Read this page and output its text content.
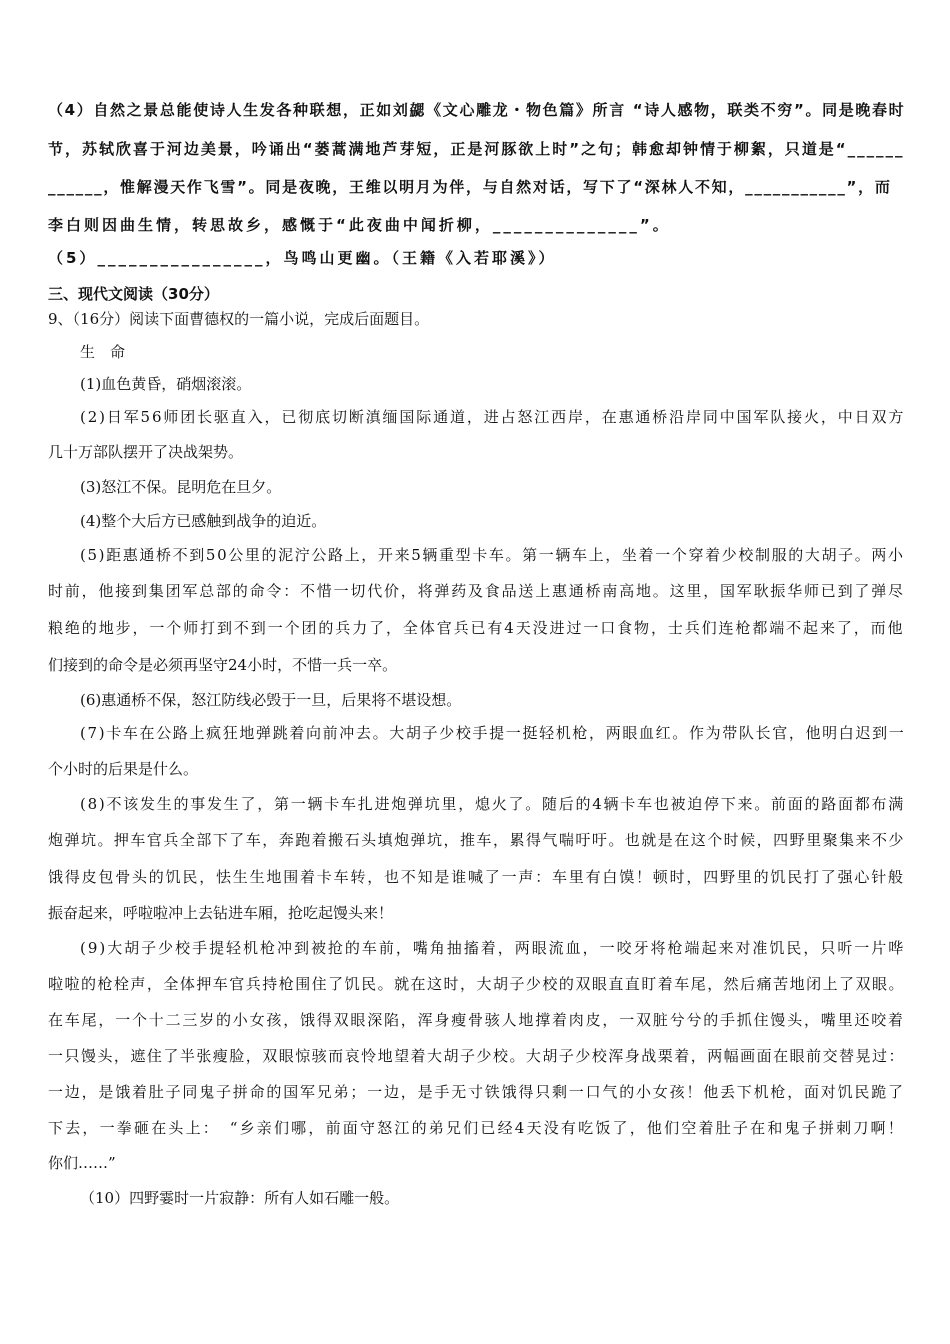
（4）自然之景总能使诗人生发各种联想，正如刘勰《文心雕龙・物色篇》所言 “诗人感物，联类不穷”。同是晚春时
节，苏轼欣喜于河边美景，吟诵出“蒌蒿满地芦芽短，正是河豚欲上时”之句；韩愈却钟情于柳絮，只道是“______
______，惟解漫天作飞雪”。同是夜晚，王维以明月为伴，与自然对话，写下了“深林人不知，___________”，而
李白则因曲生情，转思故乡，感慨于“此夜曲中闻折柳，______________”。
（5）________________，鸟鸣山更幽。（王籍《入若耶溪》）
三、现代文阅读（30分）
9、（16分）阅读下面曹德权的一篇小说，完成后面题目。
生　命
(1)血色黄昏，硝烟滚滚。
(2)日军56师团长驱直入，已彻底切断滇缅国际通道，进占怒江西岸，在惠通桥沿岸同中国军队接火，中日双方
几十万部队摆开了决战架势。
(3)怒江不保。昆明危在旦夕。
(4)整个大后方已感触到战争的迫近。
(5)距惠通桥不到50公里的泥泞公路上，开来5辆重型卡车。第一辆车上，坐着一个穿着少校制服的大胡子。两小
时前，他接到集团军总部的命令：不惜一切代价，将弹药及食品送上惠通桥南高地。这里，国军耿振华师已到了弹尽
粮绝的地步，一个师打到不到一个团的兵力了，全体官兵已有4天没进过一口食物，士兵们连枪都端不起来了，而他
们接到的命令是必须再坚守24小时，不惜一兵一卒。
(6)惠通桥不保，怒江防线必毁于一旦，后果将不堪设想。
(7)卡车在公路上疯狂地弹跳着向前冲去。大胡子少校手提一挺轻机枪，两眼血红。作为带队长官，他明白迟到一
个小时的后果是什么。
(8)不该发生的事发生了，第一辆卡车扎进炮弹坑里，熄火了。随后的4辆卡车也被迫停下来。前面的路面都布满
炮弹坑。押车官兵全部下了车，奔跑着搬石头填炮弹坑，推车，累得气喘吁吁。也就是在这个时候，四野里聚集来不少
饿得皮包骨头的饥民，怯生生地围着卡车转，也不知是谁喊了一声：车里有白馍！顿时，四野里的饥民打了强心针般
振奋起来，呼啦啦冲上去钻进车厢，抢吃起馒头来！
(9)大胡子少校手提轻机枪冲到被抢的车前，嘴角抽搐着，两眼流血，一咬牙将枪端起来对准饥民，只听一片哗
啦啦的枪栓声，全体押车官兵持枪围住了饥民。就在这时，大胡子少校的双眼直直盯着车尾，然后痛苦地闭上了双眼。
在车尾，一个十二三岁的小女孩，饿得双眼深陷，浑身瘦骨骇人地撑着肉皮，一双脏兮兮的手抓住馒头，嘴里还咬着
一只馒头，遮住了半张瘦脸，双眼惊骇而哀怜地望着大胡子少校。大胡子少校浑身战栗着，两幅画面在眼前交替晃过：
一边，是饿着肚子同鬼子拼命的国军兄弟；一边，是手无寸铁饿得只剩一口气的小女孩！他丢下机枪，面对饥民跪了
下去，一拳砸在头上：　“乡亲们哪，前面守怒江的弟兄们已经4天没有吃饭了，他们空着肚子在和鬼子拼刺刀啊！
你们……”
（10）四野霎时一片寂静：所有人如石雕一般。
